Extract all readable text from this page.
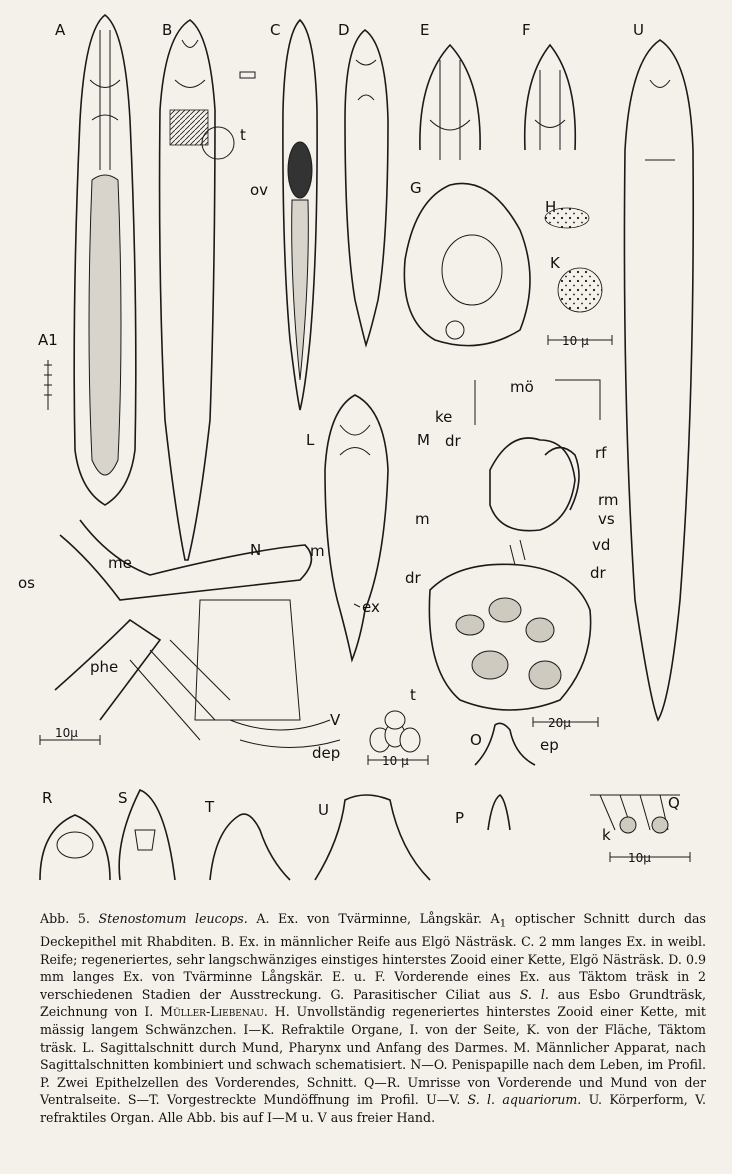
A
A1
B
t
C
ov
D	E	F	U
G
H
K
10 µ
L
ex
M
mö
ke
dr
rf
rm
vs
m
vd
dr
dr
t
20µ
N
os
me
m
phe
dep
10µ
V
10 µ
O	ep
P
Q
k
10µ
R	S	T	U

Abb. 5. Stenostomum leucops. A. Ex. von Tvärminne, Långskär. $A_1$ optischer Schnitt durch das Deckepithel mit Rhabditen. B. Ex. in männlicher Reife aus Elgö Nästräsk. C. 2 mm langes Ex. in weibl. Reife; regeneriertes, sehr langschwänziges einstiges hinterstes Zooid einer Kette, Elgö Nästräsk. D. 0.9 mm langes Ex. von Tvärminne Långskär. E. u. F. Vorderende eines Ex. aus Täktom träsk in 2 verschiedenen Stadien der Ausstreckung. G. Parasitischer Ciliat aus S. l. aus Esbo Grundträsk, Zeichnung von I. Müller-Liebenau. H. Unvollständig regeneriertes hinterstes Zooid einer Kette, mit mässig langem Schwänzchen. I—K. Refraktile Organe, I. von der Seite, K. von der Fläche, Täktom träsk. L. Sagittalschnitt durch Mund, Pharynx und Anfang des Darmes. M. Männlicher Apparat, nach Sagittalschnitten kombiniert und schwach schematisiert. N—O. Penispapille nach dem Leben, im Profil. P. Zwei Epithelzellen des Vorderendes, Schnitt. Q—R. Umrisse von Vorderende und Mund von der Ventralseite. S—T. Vorgestreckte Mundöffnung im Profil. U—V. S. l. aquariorum. U. Körperform, V. refraktiles Organ. Alle Abb. bis auf I—M u. V aus freier Hand.
